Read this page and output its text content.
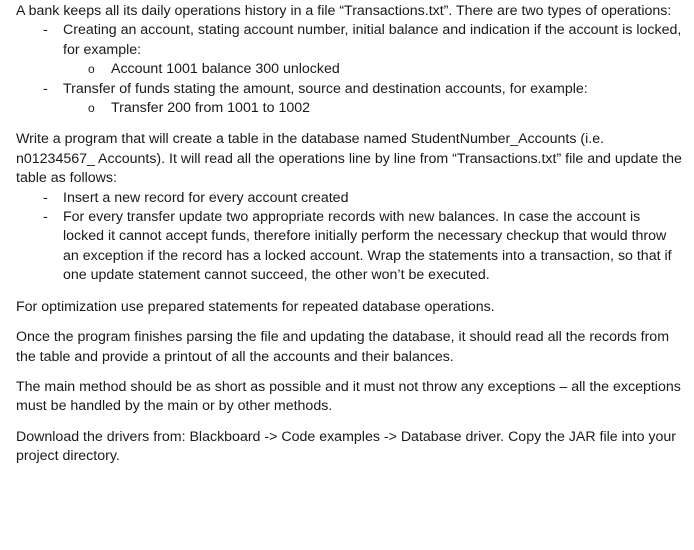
A bank keeps all its daily operations history in a file “Transactions.txt”. There are two types of operations:

- Creating an account, stating account number, initial balance and indication if the account is locked, for example:
o Account 1001 balance 300 unlocked
- Transfer of funds stating the amount, source and destination accounts, for example:
o Transfer 200 from 1001 to 1002

Write a program that will create a table in the database named StudentNumber_Accounts (i.e. n01234567_ Accounts). It will read all the operations line by line from “Transactions.txt” file and update the table as follows:

- Insert a new record for every account created
- For every transfer update two appropriate records with new balances. In case the account is locked it cannot accept funds, therefore initially perform the necessary checkup that would throw an exception if the record has a locked account. Wrap the statements into a transaction, so that if one update statement cannot succeed, the other won’t be executed.

For optimization use prepared statements for repeated database operations.

Once the program finishes parsing the file and updating the database, it should read all the records from the table and provide a printout of all the accounts and their balances.

The main method should be as short as possible and it must not throw any exceptions – all the exceptions must be handled by the main or by other methods.

Download the drivers from: Blackboard -> Code examples -> Database driver. Copy the JAR file into your project directory.
